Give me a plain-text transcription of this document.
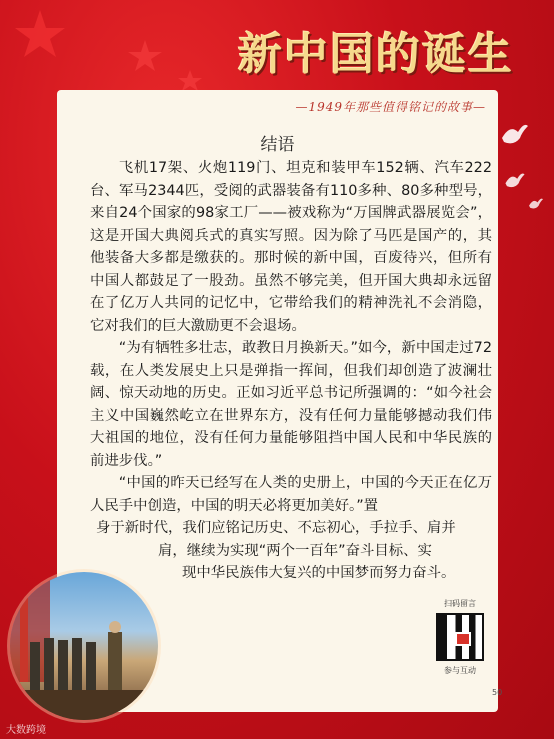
新中国的诞生
—1949年那些值得铭记的故事—
结语

飞机17架、火炮119门、坦克和装甲车152辆、汽车222台、军马2344匹，受阅的武器装备有110多种、80多种型号，来自24个国家的98家工厂——被戏称为“万国牌武器展览会”，这是开国大典阅兵式的真实写照。因为除了马匹是国产的，其他装备大多都是缴获的。那时候的新中国，百废待兴，但所有中国人都鼓足了一股劲。虽然不够完美，但开国大典却永远留在了亿万人共同的记忆中，它带给我们的精神洗礼不会消隐，它对我们的巨大激励更不会退场。

“为有牺牲多壮志，敢教日月换新天。”如今，新中国走过72载，在人类发展史上只是弹指一挥间，但我们却创造了波澜壮阔、惊天动地的历史。正如习近平总书记所强调的：“如今社会主义中国巍然屹立在世界东方，没有任何力量能够撼动我们伟大祖国的地位，没有任何力量能够阻挡中国人民和中华民族的前进步伐。”

“中国的昨天已经写在人类的史册上，中国的今天正在亿万人民手中创造，中国的明天必将更加美好。”置

身于新时代，我们应铭记历史、不忘初心，手拉手、肩并

肩，继续为实现“两个一百年”奋斗目标、实

现中华民族伟大复兴的中国梦而努力奋斗。

扫码留言
参与互动
50
大数跨境
